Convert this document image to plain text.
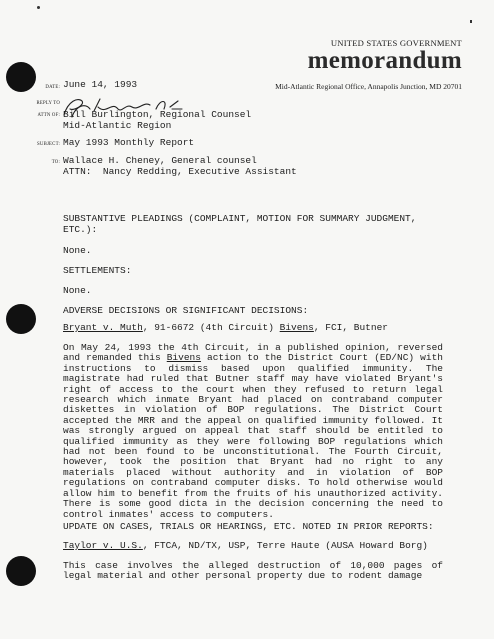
UNITED STATES GOVERNMENT
memorandum
Mid-Atlantic Regional Office, Annapolis Junction, MD 20701
DATE: June 14, 1993
REPLY TO
ATTN OF: Bill Burlington, Regional Counsel
Mid-Atlantic Region
SUBJECT: May 1993 Monthly Report
TO: Wallace H. Cheney, General counsel
ATTN:  Nancy Redding, Executive Assistant
SUBSTANTIVE PLEADINGS (COMPLAINT, MOTION FOR SUMMARY JUDGMENT,
ETC.):
None.
SETTLEMENTS:
None.
ADVERSE DECISIONS OR SIGNIFICANT DECISIONS:
Bryant v. Muth, 91-6672 (4th Circuit) Bivens, FCI, Butner
On May 24, 1993 the 4th Circuit, in a published opinion, reversed and remanded this Bivens action to the District Court (ED/NC) with instructions to dismiss based upon qualified immunity. The magistrate had ruled that Butner staff may have violated Bryant's right of access to the court when they refused to return legal research which inmate Bryant had placed on contraband computer diskettes in violation of BOP regulations. The District Court accepted the MRR and the appeal on qualified immunity followed. It was strongly argued on appeal that staff should be entitled to qualified immunity as they were following BOP regulations which had not been found to be unconstitutional. The Fourth Circuit, however, took the position that Bryant had no right to any materials placed without authority and in violation of BOP regulations on contraband computer disks. To hold otherwise would allow him to benefit from the fruits of his unauthorized activity. There is some good dicta in the decision concerning the need to control inmates' access to computers.
UPDATE ON CASES, TRIALS OR HEARINGS, ETC. NOTED IN PRIOR REPORTS:
Taylor v. U.S., FTCA, ND/TX, USP, Terre Haute (AUSA Howard Borg)
This case involves the alleged destruction of 10,000 pages of legal material and other personal property due to rodent damage
